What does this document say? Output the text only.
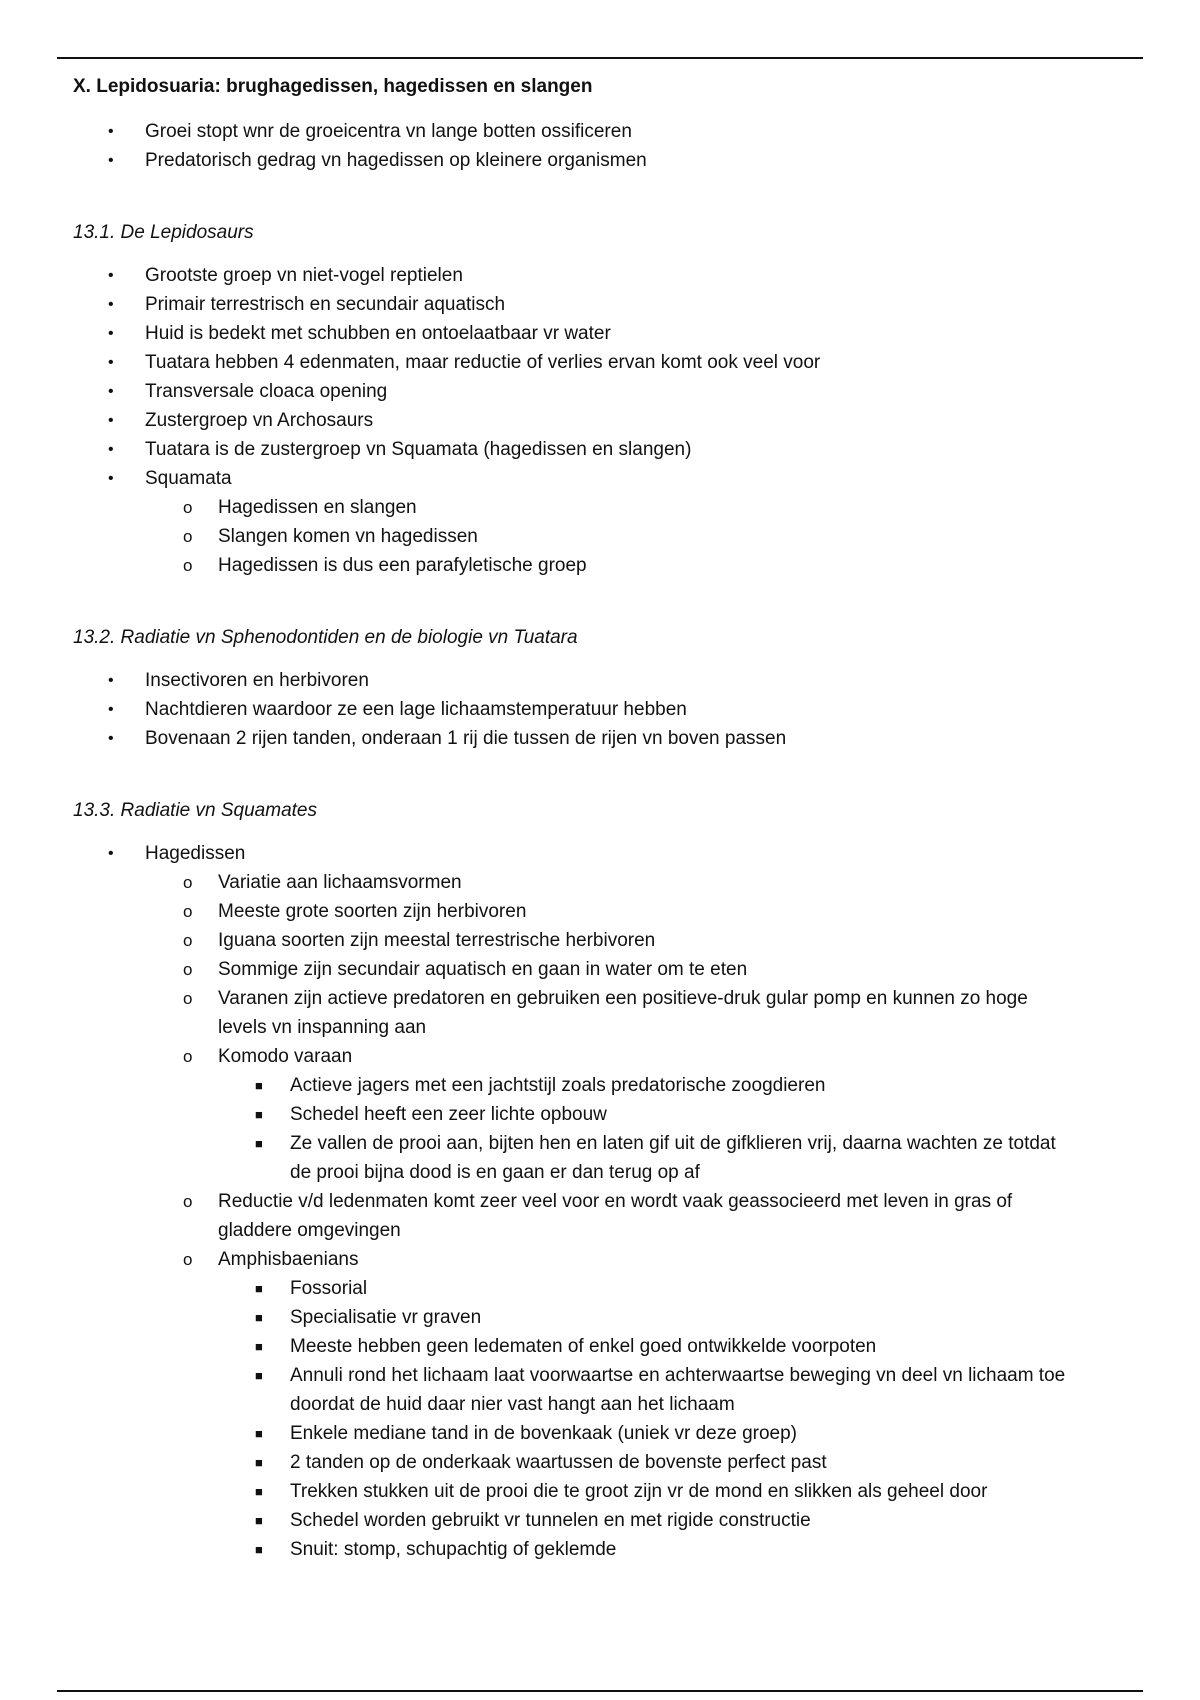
X. Lepidosuaria: brughagedissen, hagedissen en slangen
• Groei stopt wnr de groeicentra vn lange botten ossificeren
• Predatorisch gedrag vn hagedissen op kleinere organismen
13.1. De Lepidosaurs
• Grootste groep vn niet-vogel reptielen
• Primair terrestrisch en secundair aquatisch
• Huid is bedekt met schubben en ontoelaatbaar vr water
• Tuatara hebben 4 edenmaten, maar reductie of verlies ervan komt ook veel voor
• Transversale cloaca opening
• Zustergroep vn Archosaurs
• Tuatara is de zustergroep vn Squamata (hagedissen en slangen)
• Squamata
o Hagedissen en slangen
o Slangen komen vn hagedissen
o Hagedissen is dus een parafyletische groep
13.2. Radiatie vn Sphenodontiden en de biologie vn Tuatara
• Insectivoren en herbivoren
• Nachtdieren waardoor ze een lage lichaamstemperatuur hebben
• Bovenaan 2 rijen tanden, onderaan 1 rij die tussen de rijen vn boven passen
13.3. Radiatie vn Squamates
• Hagedissen
o Variatie aan lichaamsvormen
o Meeste grote soorten zijn herbivoren
o Iguana soorten zijn meestal terrestrische herbivoren
o Sommige zijn secundair aquatisch en gaan in water om te eten
o Varanen zijn actieve predatoren en gebruiken een positieve-druk gular pomp en kunnen zo hoge
levels vn inspanning aan
o Komodo varaan
■ Actieve jagers met een jachtstijl zoals predatorische zoogdieren
■ Schedel heeft een zeer lichte opbouw
■ Ze vallen de prooi aan, bijten hen en laten gif uit de gifklieren vrij, daarna wachten ze totdat
de prooi bijna dood is en gaan er dan terug op af
o Reductie v/d ledenmaten komt zeer veel voor en wordt vaak geassocieerd met leven in gras of
gladdere omgevingen
o Amphisbaenians
■ Fossorial
■ Specialisatie vr graven
■ Meeste hebben geen ledematen of enkel goed ontwikkelde voorpoten
■ Annuli rond het lichaam laat voorwaartse en achterwaartse beweging vn deel vn lichaam toe
doordat de huid daar nier vast hangt aan het lichaam
■ Enkele mediane tand in de bovenkaak (uniek vr deze groep)
■ 2 tanden op de onderkaak waartussen de bovenste perfect past
■ Trekken stukken uit de prooi die te groot zijn vr de mond en slikken als geheel door
■ Schedel worden gebruikt vr tunnelen en met rigide constructie
■ Snuit: stomp, schupachtig of geklemde
